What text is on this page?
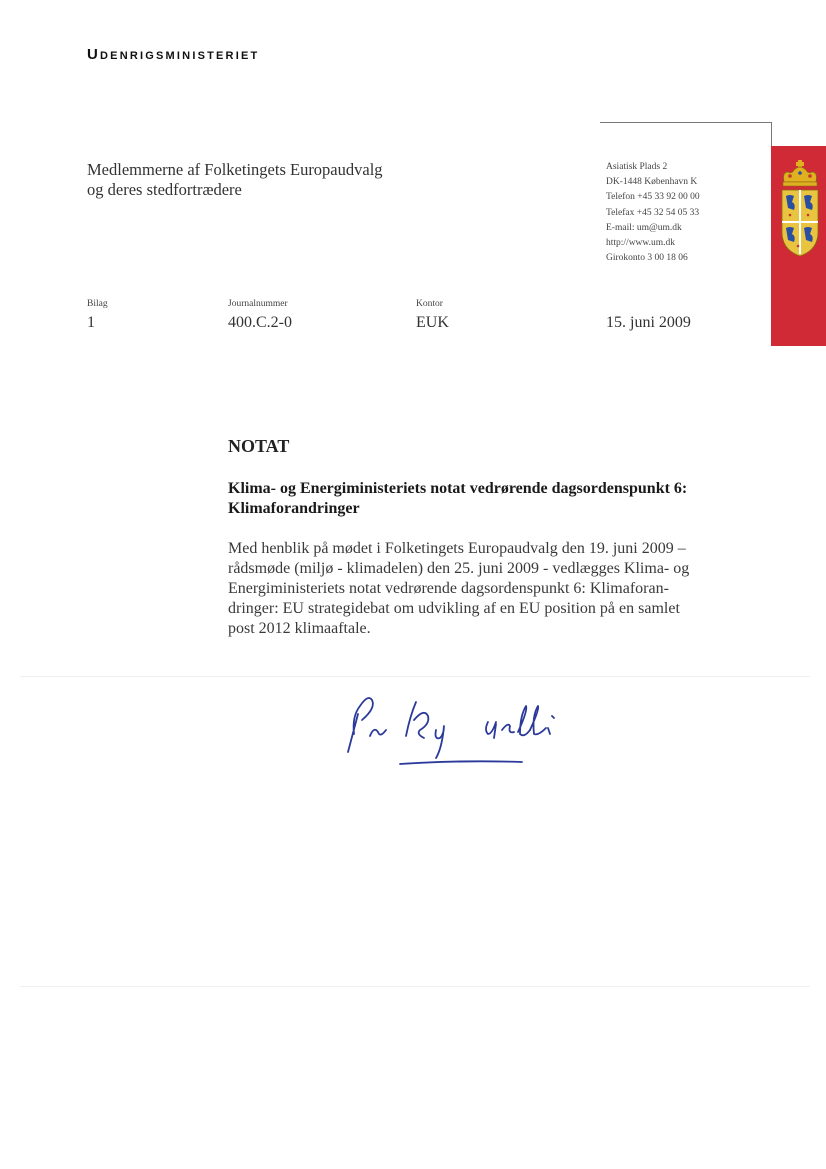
Udenrigsministeriet
Medlemmerne af Folketingets Europaudvalg
og deres stedfortrædere
Asiatisk Plads 2
DK-1448 København K
Telefon +45 33 92 00 00
Telefax +45 32 54 05 33
E-mail: um@um.dk
http://www.um.dk
Girokonto 3 00 18 06
Bilag
1
Journalnummer
400.C.2-0
Kontor
EUK	15. juni 2009
NOTAT
Klima- og Energiministeriets notat vedrørende dagsordenspunkt 6:
Klimaforandringer
Med henblik på mødet i Folketingets Europaudvalg den 19. juni 2009 –
rådsmøde (miljø - klimadelen) den 25. juni 2009 - vedlægges Klima- og
Energiministeriets notat vedrørende dagsordenspunkt 6: Klimaforan-
dringer: EU strategidebat om udvikling af en EU position på en samlet
post 2012 klimaaftale.
